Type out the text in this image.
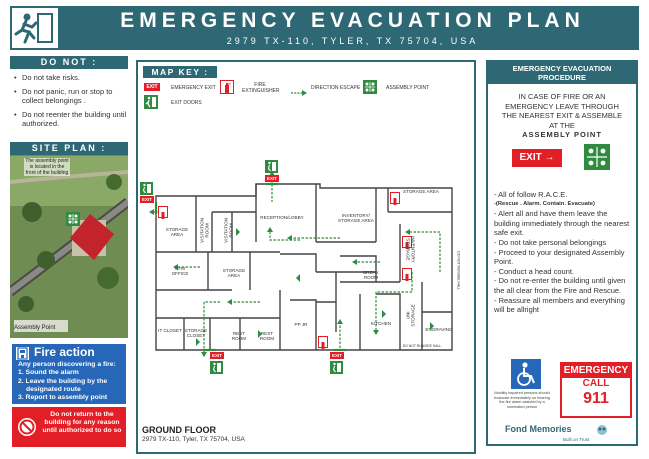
EMERGENCY EVACUATION PLAN
2979 TX-110, TYLER, TX 75704, USA
DO NOT :
• Do not take risks.
• Do not panic, run or stop to collect belongings .
• Do not reenter the building until authorized.
SITE PLAN :
The assembly point is located in the front of the building
Assembly Point
Fire action
Any person discovering a fire:
1. Sound the alarm
2. Leave the building by the
designated route
3. Report to assembly point
Do not return to the building for any reason until authorized to do so
MAP KEY :
EXIT	EMERGENCY EXIT	FIRE EXTINGUISHER	DIRECTION ESCAPE	ASSEMBLY POINT
EXIT DOORS
EXIT
EXIT
EXIT	EXIT
STORAGE AREA
RECEPTION/LOBBY	INVENTORY/ STORAGE AREA
STORAGE AREA	VISITATION ROOM	VISITATION ROOM
CFM OFFICE
STORAGE AREA
BREAK ROOM
INVENTORY STORAGE
UNI STORAGE
IT CLOSET STORAGE CLOSET	REST ROOM
REST ROOM
PP JR	KITCHEN
ENGRAVING
DO NOT RUN/SEE HALL
DO NOT RUN/SEE HALL
GROUND FLOOR
2979 TX-110, Tyler, TX 75704, USA
EMERGENCY EVACUATION PROCEDURE
IN CASE OF FIRE OR AN
EMERGENCY LEAVE THROUGH
THE NEAREST EXIT & ASSEMBLE
AT THE
ASSEMBLY POINT
EXIT →
- All of follow R.A.C.E.
-(Rescue . Alarm. Contain. Evacuate)
- Alert all and have them leave the building immediately through the nearest safe exit.
- Do not take personal belongings
- Proceed to your designated Assembly Point.
- Conduct a head count.
- Do not re-enter the building until given the all clear from the Fire and Rescue.
- Reassure all members and everything will be allright
Mobility impaired persons should evacuate immediately on hearing the fire alarm assisted by a nominated person
EMERGENCY
CALL
911
Fond Memories
Built on Trust
